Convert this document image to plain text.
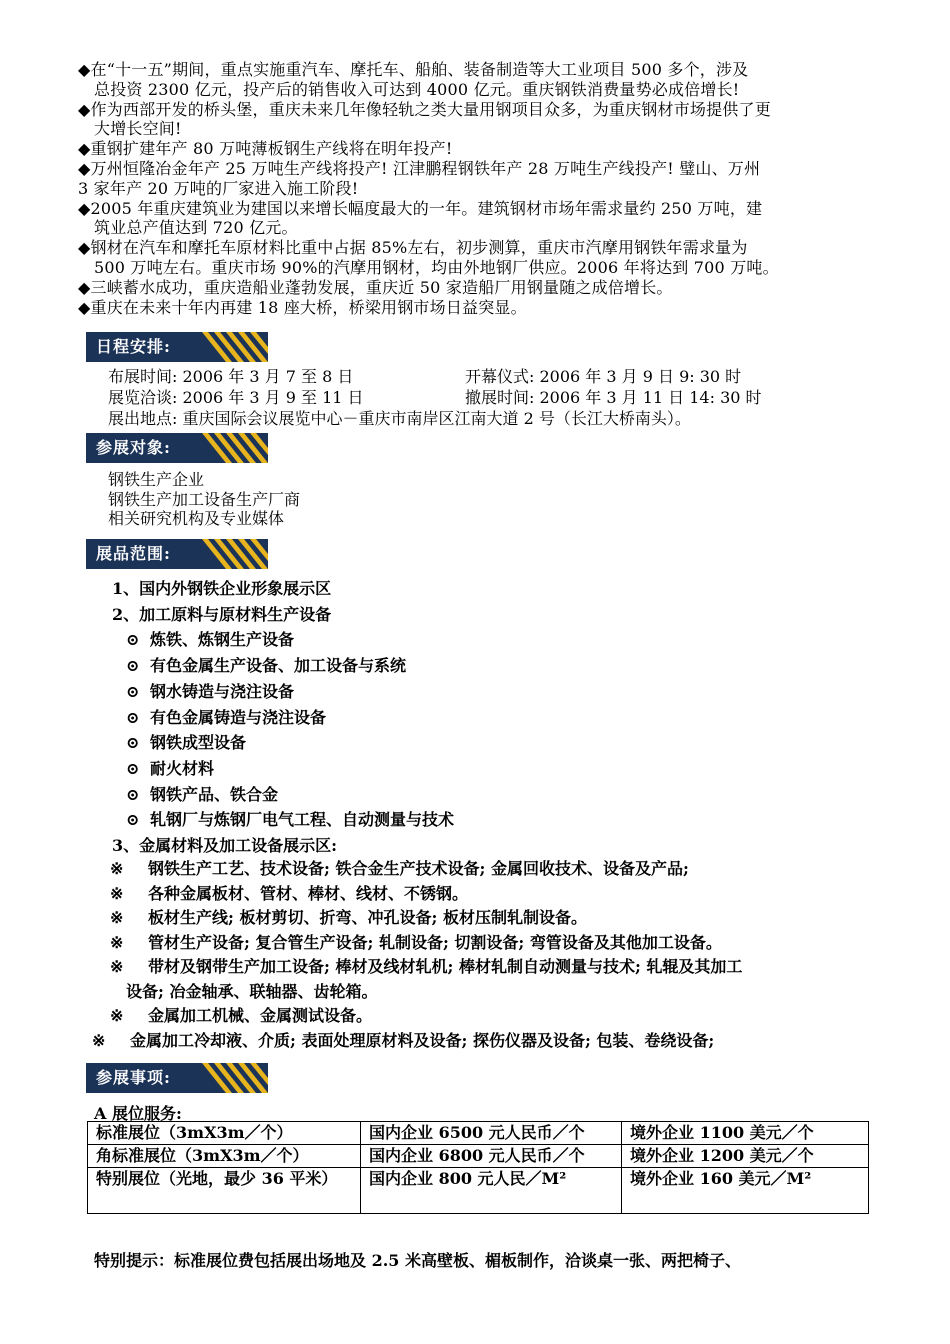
◆在“十一五”期间，重点实施重汽车、摩托车、船舶、装备制造等大工业项目 500 多个，涉及

总投资 2300 亿元，投产后的销售收入可达到 4000 亿元。重庆钢铁消费量势必成倍增长!

◆作为西部开发的桥头堡，重庆未来几年像轻轨之类大量用钢项目众多，为重庆钢材市场提供了更

大增长空间!

◆重钢扩建年产 80 万吨薄板钢生产线将在明年投产!

◆万州恒隆冶金年产 25 万吨生产线将投产! 江津鹏程钢铁年产 28 万吨生产线投产! 璧山、万州

3 家年产 20 万吨的厂家进入施工阶段!

◆2005 年重庆建筑业为建国以来增长幅度最大的一年。建筑钢材市场年需求量约 250 万吨，建

筑业总产值达到 720 亿元。

◆钢材在汽车和摩托车原材料比重中占据 85%左右，初步测算，重庆市汽摩用钢铁年需求量为

500 万吨左右。重庆市场 90%的汽摩用钢材，均由外地钢厂供应。2006 年将达到 700 万吨。

◆三峡蓄水成功，重庆造船业蓬勃发展，重庆近 50 家造船厂用钢量随之成倍增长。

◆重庆在未来十年内再建 18 座大桥，桥梁用钢市场日益突显。

日程安排:
布展时间: 2006 年 3 月 7 至 8 日	开幕仪式: 2006 年 3 月 9 日 9: 30 时
展览洽谈: 2006 年 3 月 9 至 11 日	撤展时间: 2006 年 3 月 11 日 14: 30 时
展出地点: 重庆国际会议展览中心－重庆市南岸区江南大道 2 号（长江大桥南头）。
参展对象:
钢铁生产企业
钢铁生产加工设备生产厂商
相关研究机构及专业媒体
展品范围:
1、国内外钢铁企业形象展示区
2、加工原料与原材料生产设备
⊙ 炼铁、炼钢生产设备
⊙ 有色金属生产设备、加工设备与系统
⊙ 钢水铸造与浇注设备
⊙ 有色金属铸造与浇注设备
⊙ 钢铁成型设备
⊙ 耐火材料
⊙ 钢铁产品、铁合金
⊙ 轧钢厂与炼钢厂电气工程、自动测量与技术
3、金属材料及加工设备展示区:
※ 钢铁生产工艺、技术设备; 铁合金生产技术设备; 金属回收技术、设备及产品;
※ 各种金属板材、管材、棒材、线材、不锈钢。
※ 板材生产线; 板材剪切、折弯、冲孔设备; 板材压制轧制设备。
※ 管材生产设备; 复合管生产设备; 轧制设备; 切割设备; 弯管设备及其他加工设备。
※ 带材及钢带生产加工设备; 棒材及线材轧机; 棒材轧制自动测量与技术; 轧辊及其加工
设备; 冶金轴承、联轴器、齿轮箱。
※ 金属加工机械、金属测试设备。
※ 金属加工冷却液、介质; 表面处理原材料及设备; 探伤仪器及设备; 包装、卷绕设备;
参展事项:
A 展位服务:
标准展位（3mX3m／个）	国内企业 6500 元人民币／个	境外企业 1100 美元／个
角标准展位（3mX3m／个）	国内企业 6800 元人民币／个	境外企业 1200 美元／个
特别展位（光地，最少 36 平米）	国内企业 800 元人民／M²	境外企业 160 美元／M²
特别提示：标准展位费包括展出场地及 2.5 米高壁板、楣板制作，洽谈桌一张、两把椅子、
